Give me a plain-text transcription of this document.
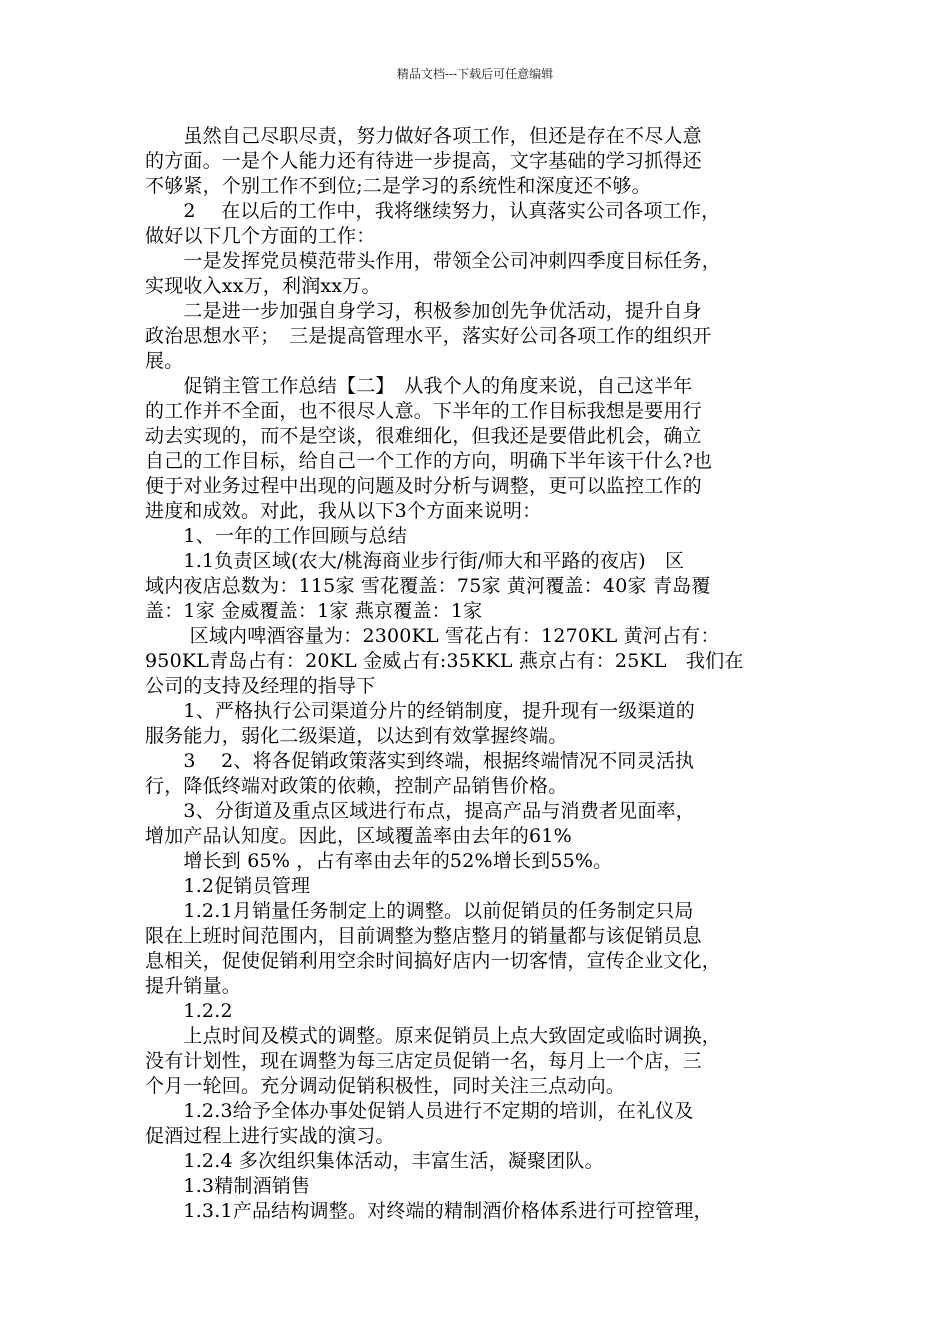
精品文档---下载后可任意编辑

　　虽然自己尽职尽责，努力做好各项工作，但还是存在不尽人意

的方面。一是个人能力还有待进一步提高，文字基础的学习抓得还

不够紧，个别工作不到位;二是学习的系统性和深度还不够。

　　2　 在以后的工作中，我将继续努力，认真落实公司各项工作，

做好以下几个方面的工作：

　　一是发挥党员模范带头作用，带领全公司冲刺四季度目标任务，

实现收入xx万，利润xx万。

　　二是进一步加强自身学习，积极参加创先争优活动，提升自身

政治思想水平；　三是提高管理水平，落实好公司各项工作的组织开

展。

　　促销主管工作总结【二】　从我个人的角度来说，自己这半年

的工作并不全面，也不很尽人意。下半年的工作目标我想是要用行

动去实现的，而不是空谈，很难细化，但我还是要借此机会，确立

自己的工作目标，给自己一个工作的方向，明确下半年该干什么?也

便于对业务过程中出现的问题及时分析与调整，更可以监控工作的

进度和成效。对此，我从以下3个方面来说明：

　　1、一年的工作回顾与总结

　　1.1负责区域(农大/桃海商业步行街/师大和平路的夜店)　区

域内夜店总数为：115家 雪花覆盖：75家 黄河覆盖：40家 青岛覆

盖：1家 金威覆盖：1家 燕京覆盖：1家

　　 区域内啤酒容量为：2300KL 雪花占有：1270KL 黄河占有：

950KL青岛占有：20KL 金威占有:35KKL 燕京占有：25KL　我们在

公司的支持及经理的指导下

　　1、严格执行公司渠道分片的经销制度，提升现有一级渠道的

服务能力，弱化二级渠道，以达到有效掌握终端。

　　3　 2、将各促销政策落实到终端，根据终端情况不同灵活执

行，降低终端对政策的依赖，控制产品销售价格。

　　3、分街道及重点区域进行布点，提高产品与消费者见面率，

增加产品认知度。因此，区域覆盖率由去年的61%

　　增长到 65% ，占有率由去年的52%增长到55%。

　　1.2促销员管理

　　1.2.1月销量任务制定上的调整。以前促销员的任务制定只局

限在上班时间范围内，目前调整为整店整月的销量都与该促销员息

息相关，促使促销利用空余时间搞好店内一切客情，宣传企业文化，

提升销量。

　　1.2.2

　　上点时间及模式的调整。原来促销员上点大致固定或临时调换，

没有计划性，现在调整为每三店定员促销一名，每月上一个店，三

个月一轮回。充分调动促销积极性，同时关注三点动向。

　　1.2.3给予全体办事处促销人员进行不定期的培训，在礼仪及

促酒过程上进行实战的演习。

　　1.2.4 多次组织集体活动，丰富生活，凝聚团队。

　　1.3精制酒销售

　　1.3.1产品结构调整。对终端的精制酒价格体系进行可控管理，
